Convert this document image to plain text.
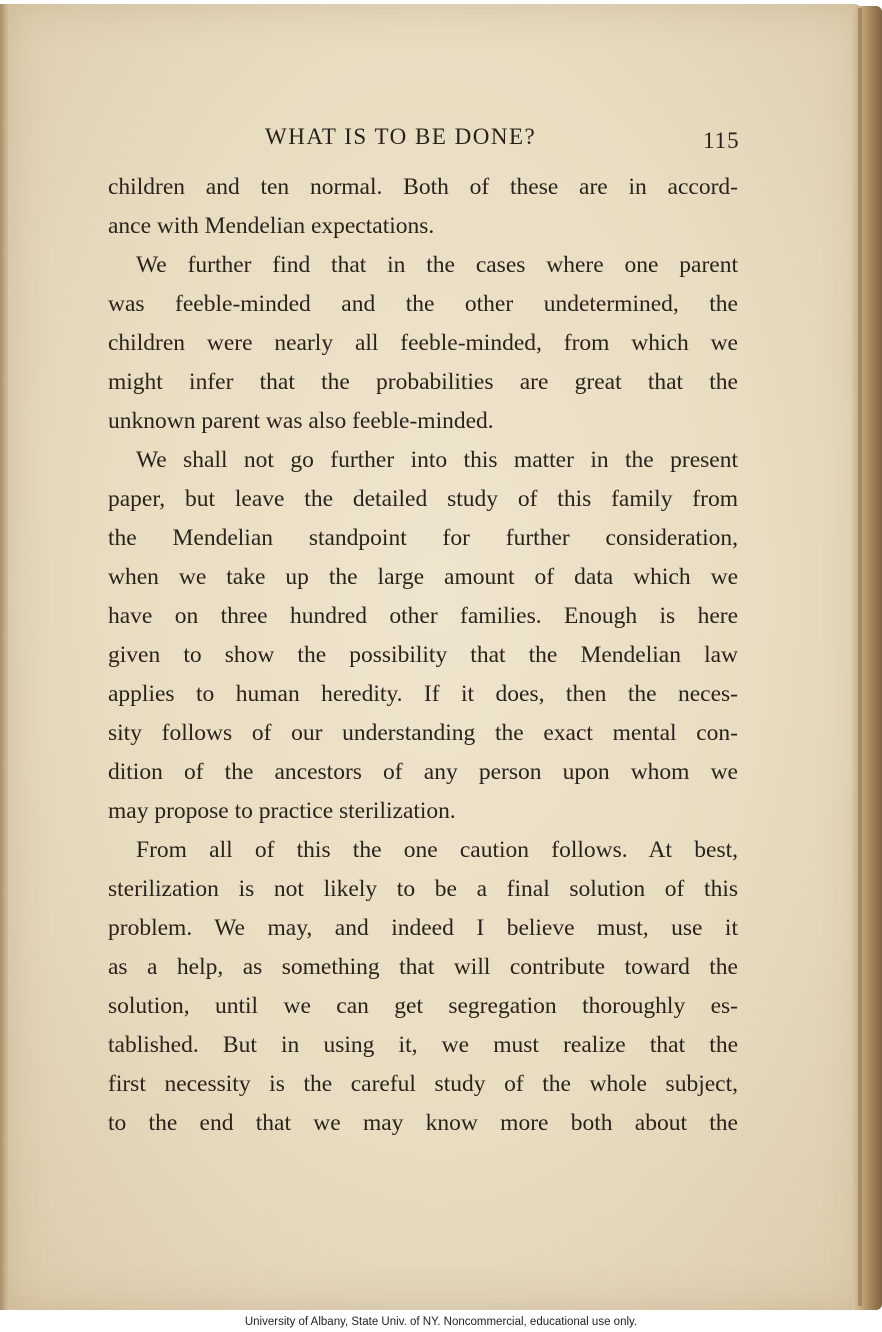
WHAT IS TO BE DONE?	115
children and ten normal. Both of these are in accord-
ance with Mendelian expectations.
We further find that in the cases where one parent
was feeble-minded and the other undetermined, the
children were nearly all feeble-minded, from which we
might infer that the probabilities are great that the
unknown parent was also feeble-minded.
We shall not go further into this matter in the present
paper, but leave the detailed study of this family from
the Mendelian standpoint for further consideration,
when we take up the large amount of data which we
have on three hundred other families. Enough is here
given to show the possibility that the Mendelian law
applies to human heredity. If it does, then the neces-
sity follows of our understanding the exact mental con-
dition of the ancestors of any person upon whom we
may propose to practice sterilization.
From all of this the one caution follows. At best,
sterilization is not likely to be a final solution of this
problem. We may, and indeed I believe must, use it
as a help, as something that will contribute toward the
solution, until we can get segregation thoroughly es-
tablished. But in using it, we must realize that the
first necessity is the careful study of the whole subject,
to the end that we may know more both about the
University of Albany, State Univ. of NY. Noncommercial, educational use only.
